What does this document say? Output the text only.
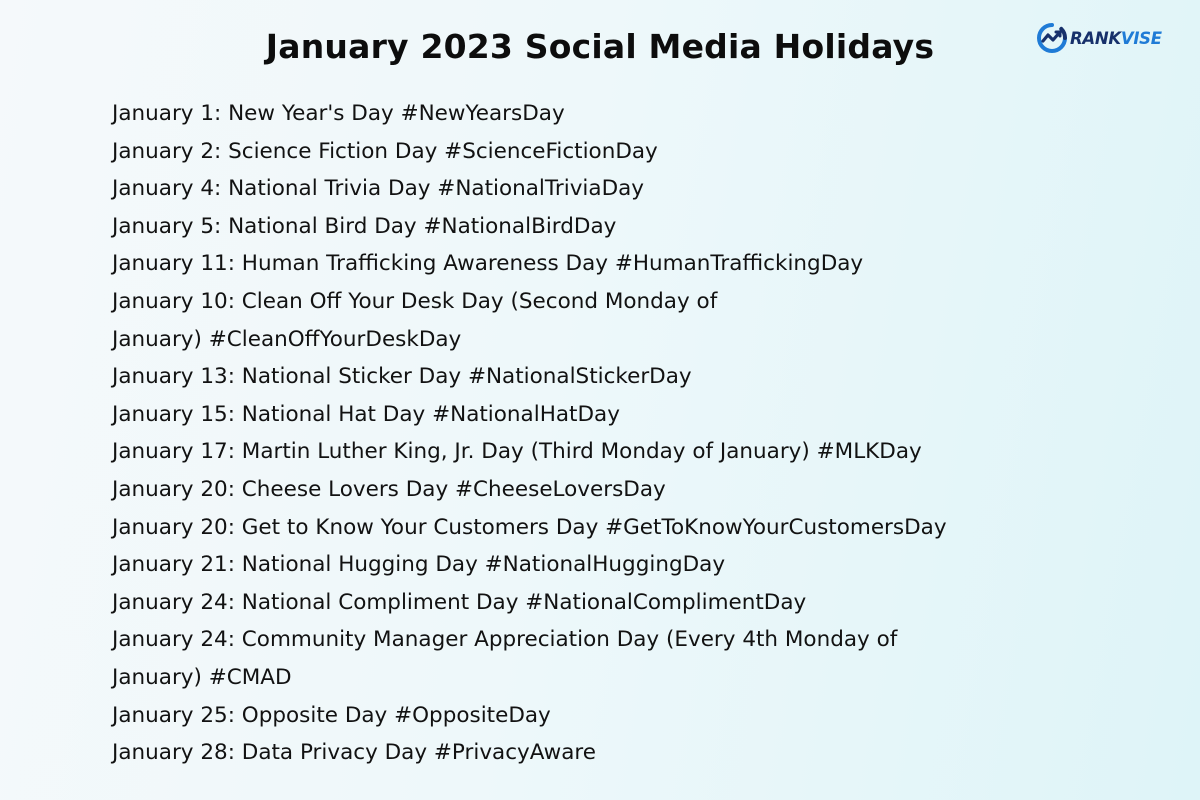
January 2023 Social Media Holidays	RANKVISE
January 1: New Year's Day #NewYearsDay
January 2: Science Fiction Day #ScienceFictionDay
January 4: National Trivia Day #NationalTriviaDay
January 5: National Bird Day #NationalBirdDay
January 11: Human Trafficking Awareness Day #HumanTraffickingDay
January 10: Clean Off Your Desk Day (Second Monday of
January) #CleanOffYourDeskDay
January 13: National Sticker Day #NationalStickerDay
January 15: National Hat Day #NationalHatDay
January 17: Martin Luther King, Jr. Day (Third Monday of January) #MLKDay
January 20: Cheese Lovers Day #CheeseLoversDay
January 20: Get to Know Your Customers Day #GetToKnowYourCustomersDay
January 21: National Hugging Day #NationalHuggingDay
January 24: National Compliment Day #NationalComplimentDay
January 24: Community Manager Appreciation Day (Every 4th Monday of
January) #CMAD
January 25: Opposite Day #OppositeDay
January 28: Data Privacy Day #PrivacyAware
